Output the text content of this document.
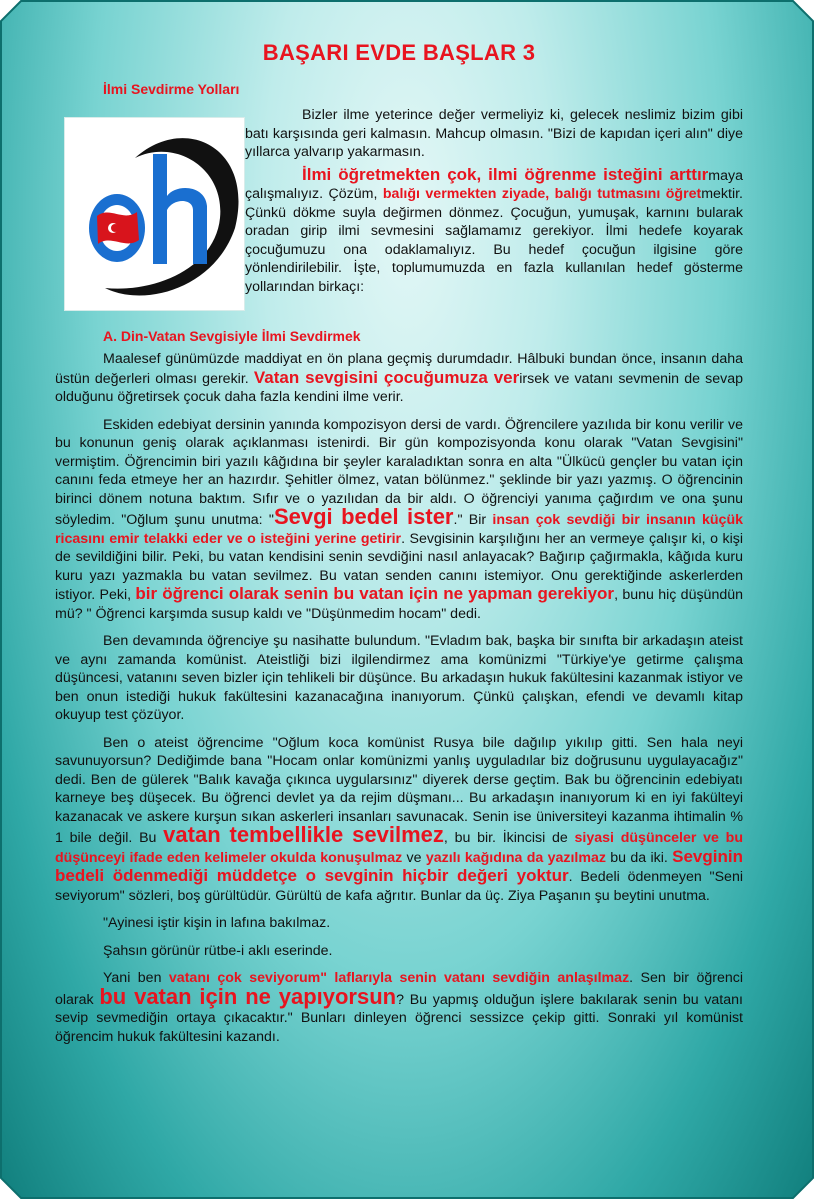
BAŞARI EVDE BAŞLAR 3

İlmi Sevdirme Yolları

Bizler ilme yeterince değer vermeliyiz ki, gelecek neslimiz bizim gibi batı karşısında geri kalmasın. Mahcup olmasın. "Bizi de kapıdan içeri alın" diye yıllarca yalvarıp yakarmasın.

İlmi öğretmekten çok, ilmi öğrenme isteğini arttırmaya çalışmalıyız. Çözüm, balığı vermekten ziyade, balığı tutmasını öğretmektir. Çünkü dökme suyla değirmen dönmez. Çocuğun, yumuşak, karnını bularak oradan girip ilmi sevmesini sağlamamız gerekiyor. İlmi hedefe koyarak çocuğumuzu ona odaklamalıyız. Bu hedef çocuğun ilgisine göre yönlendirilebilir. İşte, toplumumuzda en fazla kullanılan hedef gösterme yollarından birkaçı:

A. Din-Vatan Sevgisiyle İlmi Sevdirmek

Maalesef günümüzde maddiyat en ön plana geçmiş durumdadır. Hâlbuki bundan önce, insanın daha üstün değerleri olması gerekir. Vatan sevgisini çocuğumuza verirsek ve vatanı sevmenin de sevap olduğunu öğretirsek çocuk daha fazla kendini ilme verir.

Eskiden edebiyat dersinin yanında kompozisyon dersi de vardı. Öğrencilere yazılıda bir konu verilir ve bu konunun geniş olarak açıklanması istenirdi. Bir gün kompozisyonda konu olarak "Vatan Sevgisini" vermiştim. Öğrencimin biri yazılı kâğıdına bir şeyler karaladıktan sonra en alta "Ülkücü gençler bu vatan için canını feda etmeye her an hazırdır. Şehitler ölmez, vatan bölünmez." şeklinde bir yazı yazmış. O öğrencinin birinci dönem notuna baktım. Sıfır ve o yazılıdan da bir aldı. O öğrenciyi yanıma çağırdım ve ona şunu söyledim. "Oğlum şunu unutma: "Sevgi bedel ister." Bir insan çok sevdiği bir insanın küçük ricasını emir telakki eder ve o isteğini yerine getirir. Sevgisinin karşılığını her an vermeye çalışır ki, o kişi de sevildiğini bilir. Peki, bu vatan kendisini senin sevdiğini nasıl anlayacak? Bağırıp çağırmakla, kâğıda kuru kuru yazı yazmakla bu vatan sevilmez. Bu vatan senden canını istemiyor. Onu gerektiğinde askerlerden istiyor. Peki, bir öğrenci olarak senin bu vatan için ne yapman gerekiyor, bunu hiç düşündün mü? " Öğrenci karşımda susup kaldı ve "Düşünmedim hocam" dedi.

Ben devamında öğrenciye şu nasihatte bulundum. "Evladım bak, başka bir sınıfta bir arkadaşın ateist ve aynı zamanda komünist. Ateistliği bizi ilgilendirmez ama komünizmi "Türkiye'ye getirme çalışma düşüncesi, vatanını seven bizler için tehlikeli bir düşünce. Bu arkadaşın hukuk fakültesini kazanmak istiyor ve ben onun istediği hukuk fakültesini kazanacağına inanıyorum. Çünkü çalışkan, efendi ve devamlı kitap okuyup test çözüyor.

Ben o ateist öğrencime "Oğlum koca komünist Rusya bile dağılıp yıkılıp gitti. Sen hala neyi savunuyorsun? Dediğimde bana "Hocam onlar komünizmi yanlış uyguladılar biz doğrusunu uygulayacağız" dedi. Ben de gülerek "Balık kavağa çıkınca uygularsınız" diyerek derse geçtim. Bak bu öğrencinin edebiyatı karneye beş düşecek. Bu öğrenci devlet ya da rejim düşmanı... Bu arkadaşın inanıyorum ki en iyi fakülteyi kazanacak ve askere kurşun sıkan askerleri insanları savunacak. Senin ise üniversiteyi kazanma ihtimalin % 1 bile değil. Bu vatan tembellikle sevilmez, bu bir. İkincisi de siyasi düşünceler ve bu düşünceyi ifade eden kelimeler okulda konuşulmaz ve yazılı kağıdına da yazılmaz bu da iki. Sevginin bedeli ödenmediği müddetçe o sevginin hiçbir değeri yoktur. Bedeli ödenmeyen "Seni seviyorum" sözleri, boş gürültüdür. Gürültü de kafa ağrıtır. Bunlar da üç. Ziya Paşanın şu beytini unutma.

"Ayinesi iştir kişin in lafına bakılmaz.

Şahsın görünür rütbe-i aklı eserinde.

Yani ben vatanı çok seviyorum" laflarıyla senin vatanı sevdiğin anlaşılmaz. Sen bir öğrenci olarak bu vatan için ne yapıyorsun? Bu yapmış olduğun işlere bakılarak senin bu vatanı sevip sevmediğin ortaya çıkacaktır." Bunları dinleyen öğrenci sessizce çekip gitti. Sonraki yıl komünist öğrencim hukuk fakültesini kazandı.
